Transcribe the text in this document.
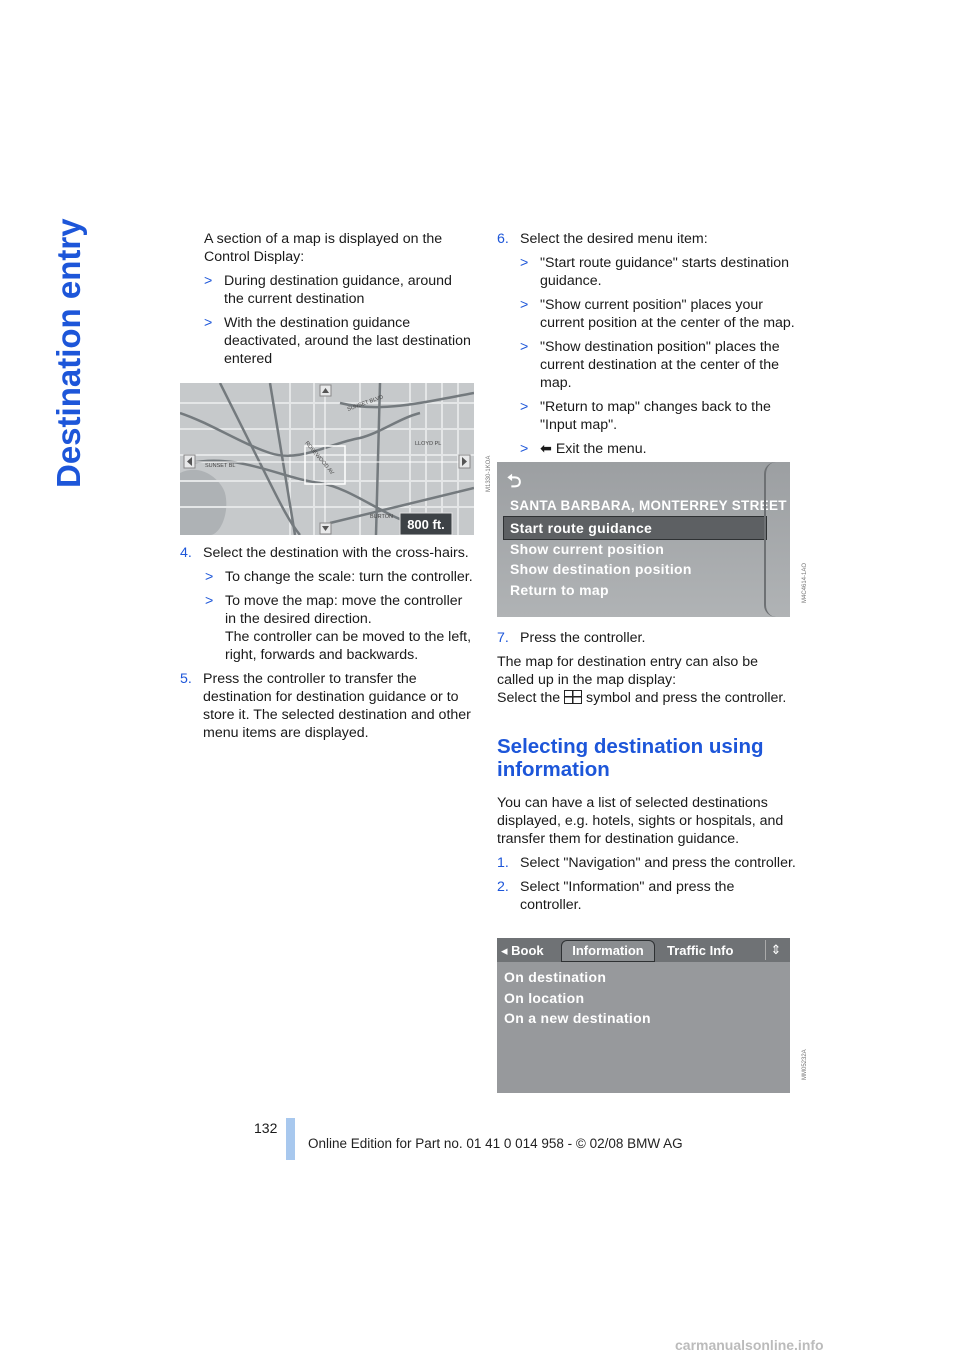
Destination entry	A section of a map is displayed on the Control Display:

> During destination guidance, around the current destination
> With the destination guidance deactivated, around the last destination entered
SUNSET BLVD
SUNSET BL
BURTON
LLOYD PL
ROSEWOOD AV
800 ft.
M1330-1KOA
4. Select the destination with the cross-hairs.
> To change the scale: turn the controller.
> To move the map: move the controller in the desired direction.
The controller can be moved to the left, right, forwards and backwards.
5. Press the controller to transfer the destination for destination guidance or to store it. The selected destination and other menu items are displayed.
6. Select the desired menu item:
> "Start route guidance" starts destination guidance.
> "Show current position" places your current position at the center of the map.
> "Show destination position" places the current destination at the center of the map.
> "Return to map" changes back to the "Input map".
> ⬅ Exit the menu.
⮌
SANTA BARBARA, MONTERREY STREET
Start route guidance
Show current position
Show destination position
Return to map	M4C4614-1AO
7. Press the controller.

The map for destination entry can also be called up in the map display:

Select the symbol and press the controller.

Selecting destination using information

You can have a list of selected destinations displayed, e.g. hotels, sights or hospitals, and transfer them for destination guidance.

1. Select "Navigation" and press the controller.
2. Select "Information" and press the controller.
◂ Book	Information	Traffic Info	⇕
On destination
On location
On a new destination
MM05232A
132
Online Edition for Part no. 01 41 0 014 958 - © 02/08 BMW AG
carmanualsonline.info
